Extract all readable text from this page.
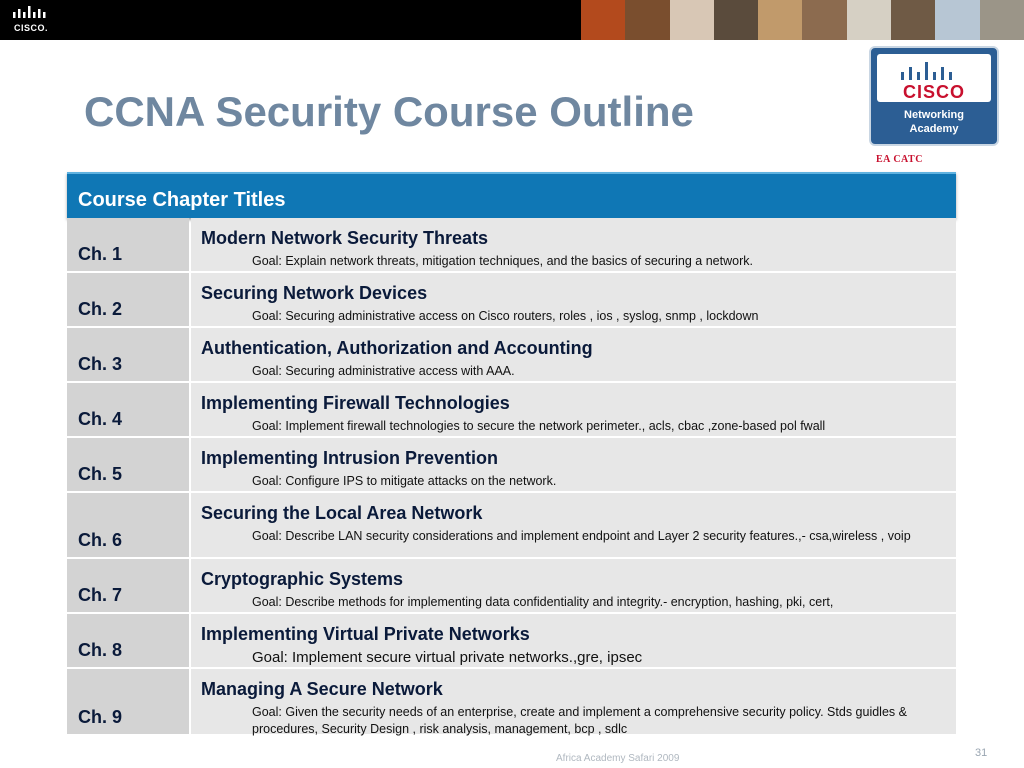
CISCO.
CCNA Security Course Outline	CISCO
Networking
Academy
EA CATC
Course Chapter Titles
Ch. 1
Modern Network Security Threats
Goal: Explain network threats, mitigation techniques, and the basics of securing a network.
Ch. 2
Securing Network Devices
Goal: Securing administrative access on Cisco routers, roles , ios , syslog, snmp , lockdown
Ch. 3
Authentication, Authorization and Accounting
Goal: Securing administrative access with AAA.
Ch. 4
Implementing Firewall Technologies
Goal: Implement firewall technologies to secure the network perimeter., acls, cbac ,zone-based pol fwall
Ch. 5
Implementing Intrusion Prevention
Goal: Configure IPS to mitigate attacks on the network.
Ch. 6
Securing the Local Area Network
Goal: Describe LAN security considerations and implement endpoint and Layer 2 security features.,- csa,wireless , voip
Ch. 7
Cryptographic Systems
Goal: Describe methods for implementing data confidentiality and integrity.- encryption, hashing, pki, cert,
Ch. 8
Implementing Virtual Private Networks
Goal: Implement secure virtual private networks.,gre, ipsec
Ch. 9
Managing A Secure Network
Goal: Given the security needs of an enterprise, create and implement a comprehensive security policy. Stds guidles & procedures, Security Design , risk analysis, management, bcp , sdlc
Africa Academy Safari 2009	31
